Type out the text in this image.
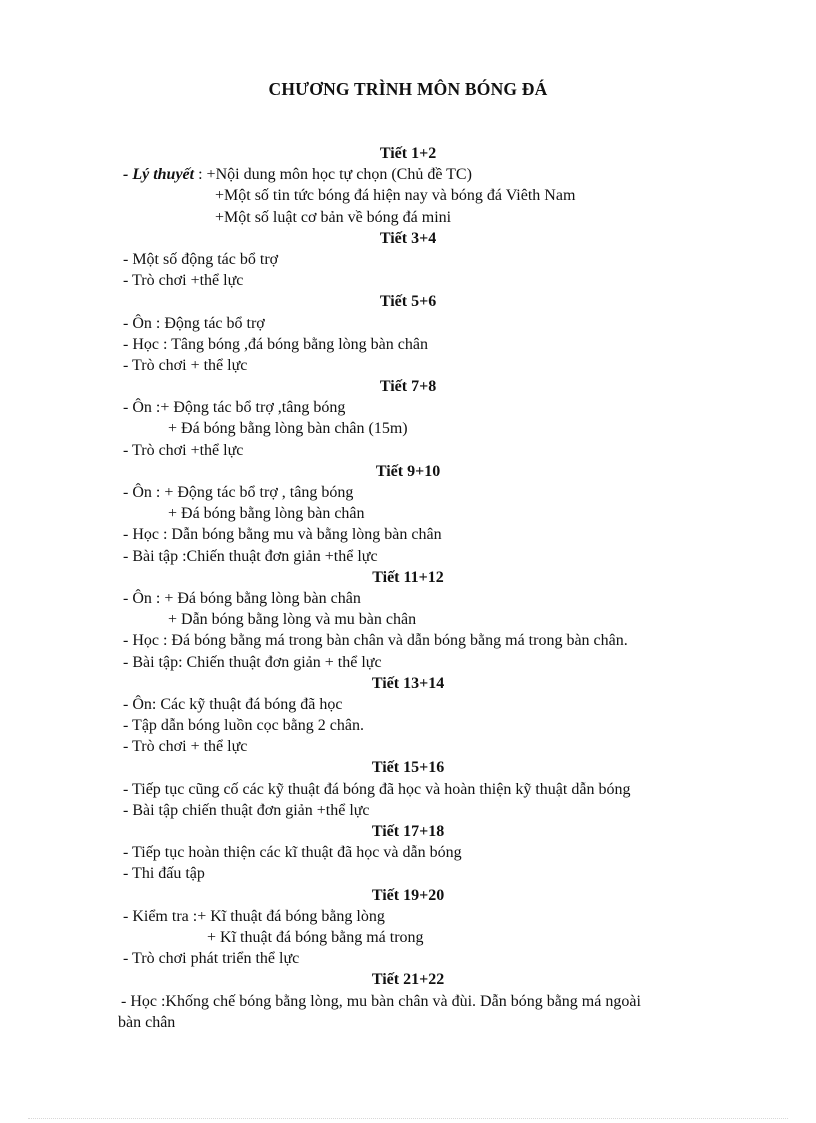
CHƯƠNG TRÌNH MÔN BÓNG ĐÁ
Tiết 1+2
- Lý thuyết : +Nội dung môn học tự chọn (Chủ đề TC)
+Một số tin tức bóng đá hiện nay và bóng đá Viêth Nam
+Một số luật cơ bản về bóng đá mini
Tiết 3+4
- Một số động tác bổ trợ
- Trò chơi +thể lực
Tiết 5+6
- Ôn : Động tác bổ trợ
- Học : Tâng bóng ,đá bóng bằng lòng bàn chân
- Trò chơi + thể lực
Tiết 7+8
- Ôn :+ Động tác bổ trợ ,tâng bóng
+ Đá bóng bằng lòng bàn chân (15m)
- Trò chơi +thể lực
Tiết 9+10
- Ôn : + Động tác bổ trợ , tâng bóng
+ Đá bóng bằng lòng bàn chân
- Học : Dẫn bóng bằng mu và bằng lòng bàn chân
- Bài tập :Chiến thuật đơn giản +thể lực
Tiết 11+12
- Ôn : + Đá bóng bằng lòng bàn chân
+ Dẫn bóng bằng lòng và mu bàn chân
- Học : Đá bóng bằng má trong bàn chân và dẫn bóng bằng má trong bàn chân.
- Bài tập: Chiến thuật đơn giản + thể lực
Tiết 13+14
- Ôn: Các kỹ thuật đá bóng đã học
- Tập dẫn bóng luồn cọc bằng 2 chân.
- Trò chơi + thể lực
Tiết 15+16
- Tiếp tục cũng cố các kỹ thuật đá bóng đã học và hoàn thiện kỹ thuật dẫn bóng
- Bài tập chiến thuật đơn giản +thể lực
Tiết 17+18
- Tiếp tục hoàn thiện các kĩ thuật đã học và dẫn bóng
- Thi đấu tập
Tiết 19+20
- Kiểm tra :+ Kĩ thuật đá bóng bằng lòng
+ Kĩ thuật đá bóng bằng má trong
- Trò chơi phát triển thể lực
Tiết 21+22
- Học :Khống chế bóng bằng lòng, mu bàn chân và đùi. Dẫn bóng bằng má ngoài
bàn chân
